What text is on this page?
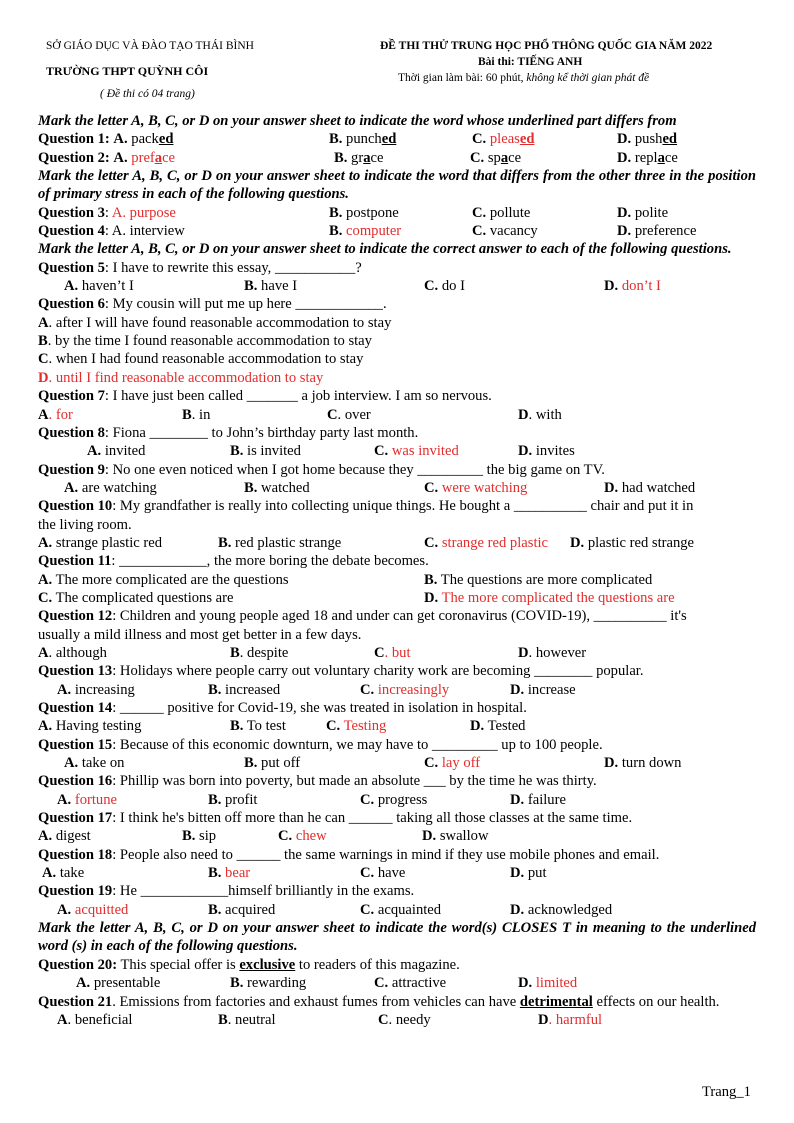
SỞ GIÁO DỤC VÀ ĐÀO TẠO THÁI BÌNH
TRƯỜNG THPT QUỲNH CÔI
( Đề thi có 04 trang)
ĐỀ THI THỬ TRUNG HỌC PHỔ THÔNG QUỐC GIA NĂM 2022
Bài thi: TIẾNG ANH
Thời gian làm bài: 60 phút, không kể thời gian phát đề
Mark the letter A, B, C, or D on your answer sheet to indicate the word whose underlined part differs from
Question 1: A. packed	B. punched	C. pleased	D. pushed
Question 2: A. preface	B. grace	C. space	D. replace
Mark the letter A, B, C, or D on your answer sheet to indicate the word that differs from the other three in the position of primary stress in each of the following questions.
Question 3: A. purpose	B. postpone	C. pollute	D. polite
Question 4: A. interview	B. computer	C. vacancy	D. preference
Mark the letter A, B, C, or D on your answer sheet to indicate the correct answer to each of the following questions.
Question 5: I have to rewrite this essay, ___________?
A. haven’t I	B. have I	C. do I	D. don’t I
Question 6: My cousin will put me up here ____________.
A. after I will have found reasonable accommodation to stay
B. by the time I found reasonable accommodation to stay
C. when I had found reasonable accommodation to stay
D. until I find reasonable accommodation to stay
Question 7: I have just been called _______ a job interview. I am so nervous.
A. for	B. in	C. over	D. with
Question 8: Fiona ________ to John’s birthday party last month.
A. invited	B. is invited	C. was invited	D. invites
Question 9: No one even noticed when I got home because they _________ the big game on TV.
A. are watching	B. watched	C. were watching	D. had watched
Question 10: My grandfather is really into collecting unique things. He bought a __________ chair and put it in
the living room.
A. strange plastic red	B. red plastic strange	C. strange red plastic D. plastic red strange
Question 11: ____________, the more boring the debate becomes.
A. The more complicated are the questions	B. The questions are more complicated
C. The complicated questions are	D. The more complicated the questions are
Question 12: Children and young people aged 18 and under can get coronavirus (COVID-19), __________ it's
usually a mild illness and most get better in a few days.
A. although	B. despite	C. but	D. however
Question 13: Holidays where people carry out voluntary charity work are becoming ________ popular.
A. increasing	B. increased	C. increasingly	D. increase
Question 14: ______ positive for Covid-19, she was treated in isolation in hospital.
A. Having testing	B. To test	C. Testing	D. Tested
Question 15: Because of this economic downturn, we may have to _________ up to 100 people.
A. take on	B. put off	C. lay off	D. turn down
Question 16: Phillip was born into poverty, but made an absolute ___ by the time he was thirty.
A. fortune	B. profit	C. progress	D. failure
Question 17: I think he's bitten off more than he can ______ taking all those classes at the same time.
A. digest	B. sip	C. chew	D. swallow
Question 18: People also need to ______ the same warnings in mind if they use mobile phones and email.
A. take	B. bear	C. have	D. put
Question 19: He ____________himself brilliantly in the exams.
A. acquitted	B. acquired	C. acquainted	D. acknowledged
Mark the letter A, B, C, or D on your answer sheet to indicate the word(s) CLOSES T in meaning to the underlined word (s) in each of the following questions.
Question 20: This special offer is exclusive to readers of this magazine.
A. presentable	B. rewarding	C. attractive	D. limited
Question 21. Emissions from factories and exhaust fumes from vehicles can have detrimental effects on our health.
A. beneficial	B. neutral	C. needy	D. harmful
Trang_1
